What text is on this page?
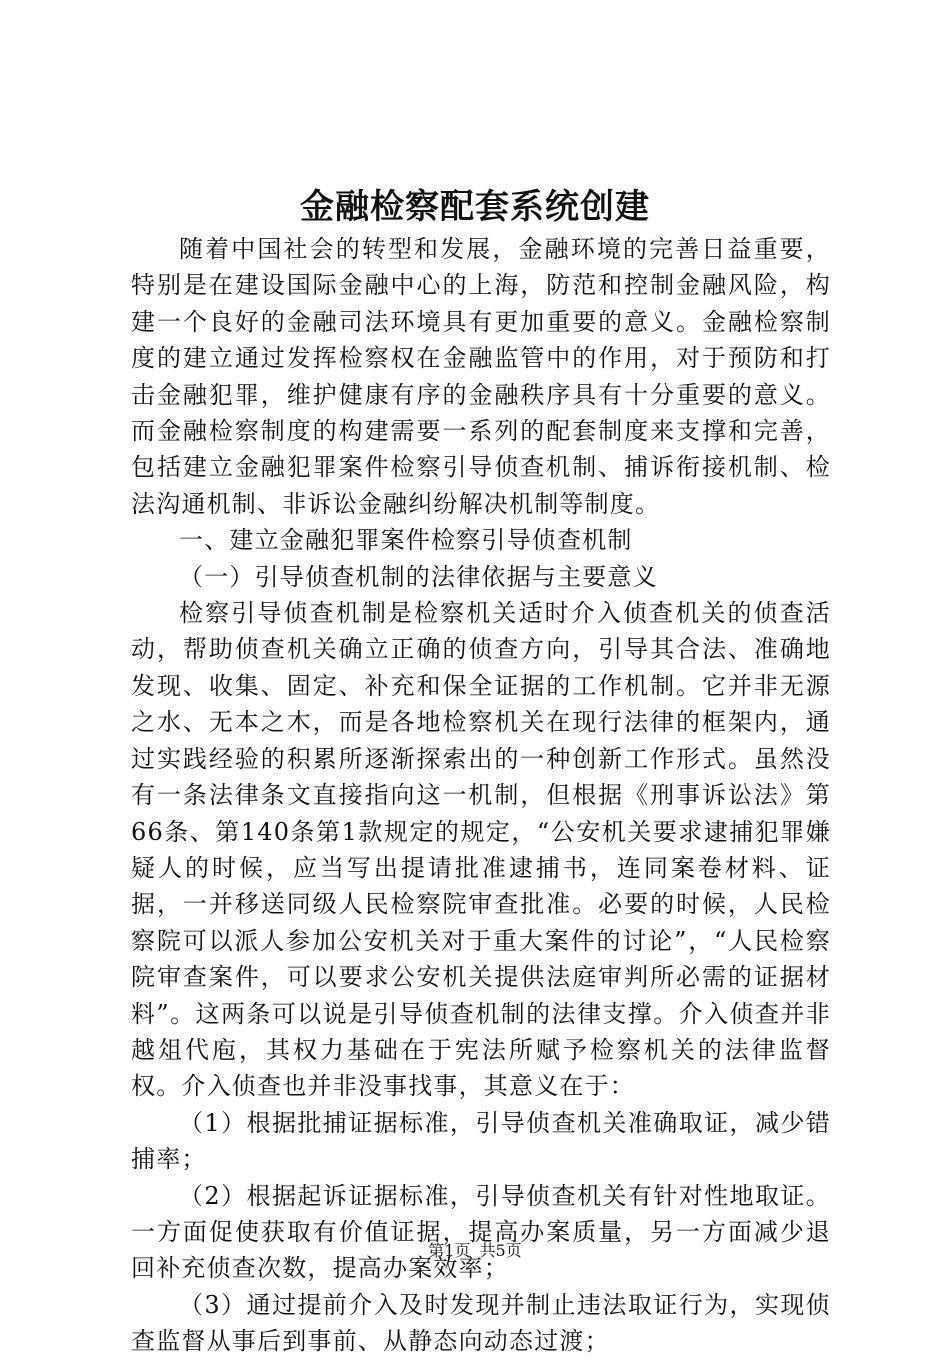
金融检察配套系统创建

随着中国社会的转型和发展，金融环境的完善日益重要，特别是在建设国际金融中心的上海，防范和控制金融风险，构建一个良好的金融司法环境具有更加重要的意义。金融检察制度的建立通过发挥检察权在金融监管中的作用，对于预防和打击金融犯罪，维护健康有序的金融秩序具有十分重要的意义。而金融检察制度的构建需要一系列的配套制度来支撑和完善，包括建立金融犯罪案件检察引导侦查机制、捕诉衔接机制、检法沟通机制、非诉讼金融纠纷解决机制等制度。

一、建立金融犯罪案件检察引导侦查机制

（一）引导侦查机制的法律依据与主要意义

检察引导侦查机制是检察机关适时介入侦查机关的侦查活动，帮助侦查机关确立正确的侦查方向，引导其合法、准确地发现、收集、固定、补充和保全证据的工作机制。它并非无源之水、无本之木，而是各地检察机关在现行法律的框架内，通过实践经验的积累所逐渐探索出的一种创新工作形式。虽然没有一条法律条文直接指向这一机制，但根据《刑事诉讼法》第66条、第140条第1款规定的规定，“公安机关要求逮捕犯罪嫌疑人的时候，应当写出提请批准逮捕书，连同案卷材料、证据，一并移送同级人民检察院审查批准。必要的时候，人民检察院可以派人参加公安机关对于重大案件的讨论”，“人民检察院审查案件，可以要求公安机关提供法庭审判所必需的证据材料”。这两条可以说是引导侦查机制的法律支撑。介入侦查并非越俎代庖，其权力基础在于宪法所赋予检察机关的法律监督权。介入侦查也并非没事找事，其意义在于：

（1）根据批捕证据标准，引导侦查机关准确取证，减少错捕率；

（2）根据起诉证据标准，引导侦查机关有针对性地取证。一方面促使获取有价值证据，提高办案质量，另一方面减少退回补充侦查次数，提高办案效率；

（3）通过提前介入及时发现并制止违法取证行为，实现侦查监督从事后到事前、从静态向动态过渡；

第1页 共5页
